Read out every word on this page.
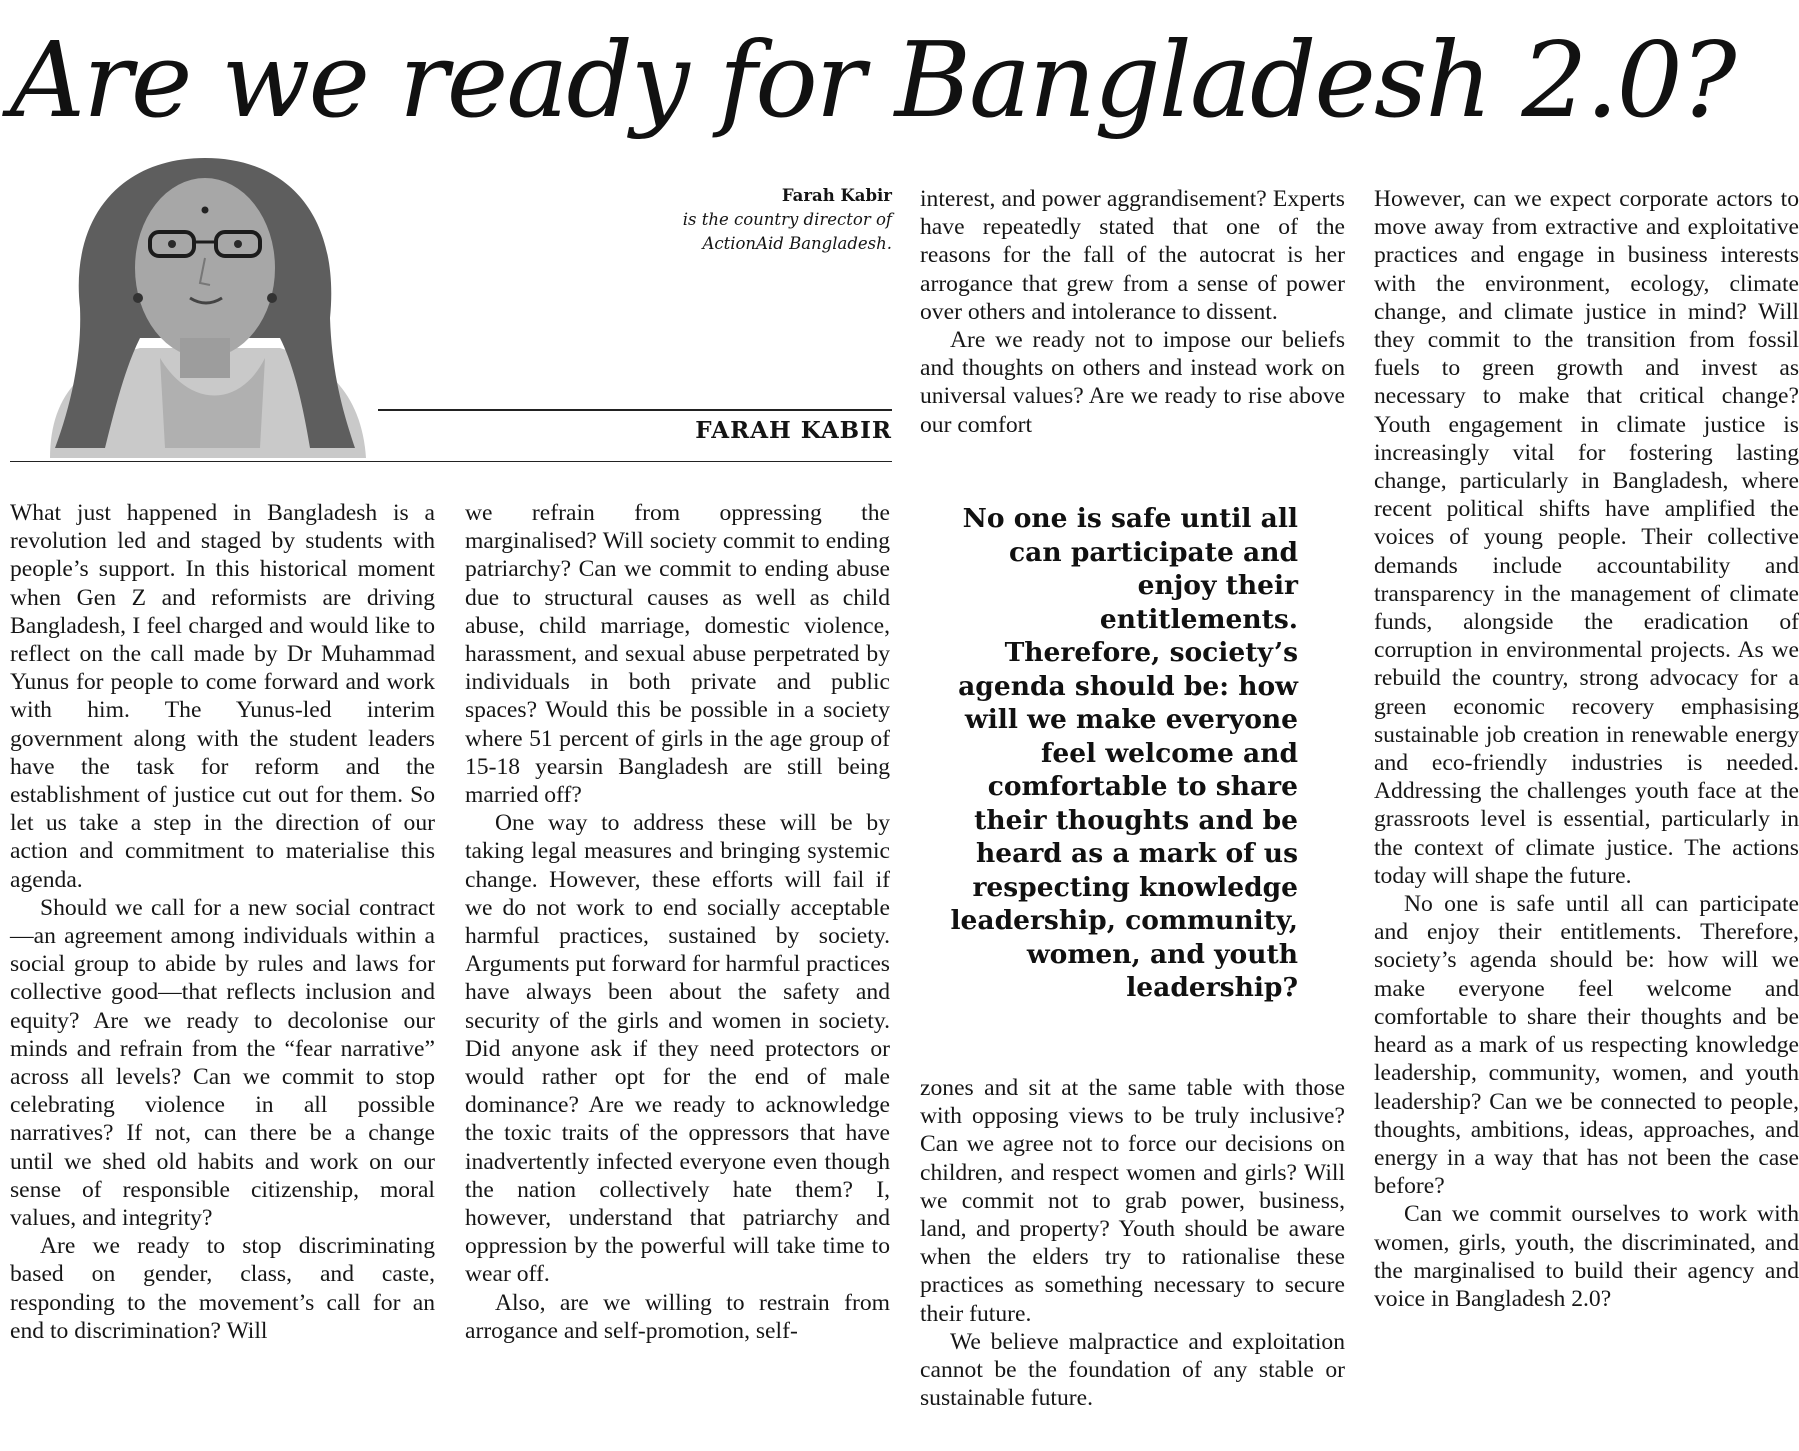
Are we ready for Bangladesh 2.0?
Farah Kabir
is the country director of
ActionAid Bangladesh.
FARAH KABIR

What just happened in Bangladesh is a revolution led and staged by students with people’s support. In this historical moment when Gen Z and reformists are driving Bangladesh, I feel charged and would like to reflect on the call made by Dr Muhammad Yunus for people to come forward and work with him. The Yunus-led interim government along with the student leaders have the task for reform and the establishment of justice cut out for them. So let us take a step in the direction of our action and commitment to materialise this agenda.

Should we call for a new social contract—an agreement among individuals within a social group to abide by rules and laws for collective good—that reflects inclusion and equity? Are we ready to decolonise our minds and refrain from the “fear narrative” across all levels? Can we commit to stop celebrating violence in all possible narratives? If not, can there be a change until we shed old habits and work on our sense of responsible citizenship, moral values, and integrity?

Are we ready to stop discriminating based on gender, class, and caste, responding to the movement’s call for an end to discrimination? Will

we refrain from oppressing the marginalised? Will society commit to ending patriarchy? Can we commit to ending abuse due to structural causes as well as child abuse, child marriage, domestic violence, harassment, and sexual abuse perpetrated by individuals in both private and public spaces? Would this be possible in a society where 51 percent of girls in the age group of 15-18 yearsin Bangladesh are still being married off?

One way to address these will be by taking legal measures and bringing systemic change. However, these efforts will fail if we do not work to end socially acceptable harmful practices, sustained by society. Arguments put forward for harmful practices have always been about the safety and security of the girls and women in society. Did anyone ask if they need protectors or would rather opt for the end of male dominance? Are we ready to acknowledge the toxic traits of the oppressors that have inadvertently infected everyone even though the nation collectively hate them? I, however, understand that patriarchy and oppression by the powerful will take time to wear off.

Also, are we willing to restrain from arrogance and self-promotion, self-

interest, and power aggrandisement? Experts have repeatedly stated that one of the reasons for the fall of the autocrat is her arrogance that grew from a sense of power over others and intolerance to dissent.

Are we ready not to impose our beliefs and thoughts on others and instead work on universal values? Are we ready to rise above our comfort

No one is safe until all can participate and enjoy their entitlements. Therefore, society’s agenda should be: how will we make everyone feel welcome and comfortable to share their thoughts and be heard as a mark of us respecting knowledge leadership, community, women, and youth leadership?

zones and sit at the same table with those with opposing views to be truly inclusive? Can we agree not to force our decisions on children, and respect women and girls? Will we commit not to grab power, business, land, and property? Youth should be aware when the elders try to rationalise these practices as something necessary to secure their future.

We believe malpractice and exploitation cannot be the foundation of any stable or sustainable future.

However, can we expect corporate actors to move away from extractive and exploitative practices and engage in business interests with the environment, ecology, climate change, and climate justice in mind? Will they commit to the transition from fossil fuels to green growth and invest as necessary to make that critical change? Youth engagement in climate justice is increasingly vital for fostering lasting change, particularly in Bangladesh, where recent political shifts have amplified the voices of young people. Their collective demands include accountability and transparency in the management of climate funds, alongside the eradication of corruption in environmental projects. As we rebuild the country, strong advocacy for a green economic recovery emphasising sustainable job creation in renewable energy and eco-friendly industries is needed. Addressing the challenges youth face at the grassroots level is essential, particularly in the context of climate justice. The actions today will shape the future.

No one is safe until all can participate and enjoy their entitlements. Therefore, society’s agenda should be: how will we make everyone feel welcome and comfortable to share their thoughts and be heard as a mark of us respecting knowledge leadership, community, women, and youth leadership? Can we be connected to people, thoughts, ambitions, ideas, approaches, and energy in a way that has not been the case before?

Can we commit ourselves to work with women, girls, youth, the discriminated, and the marginalised to build their agency and voice in Bangladesh 2.0?
